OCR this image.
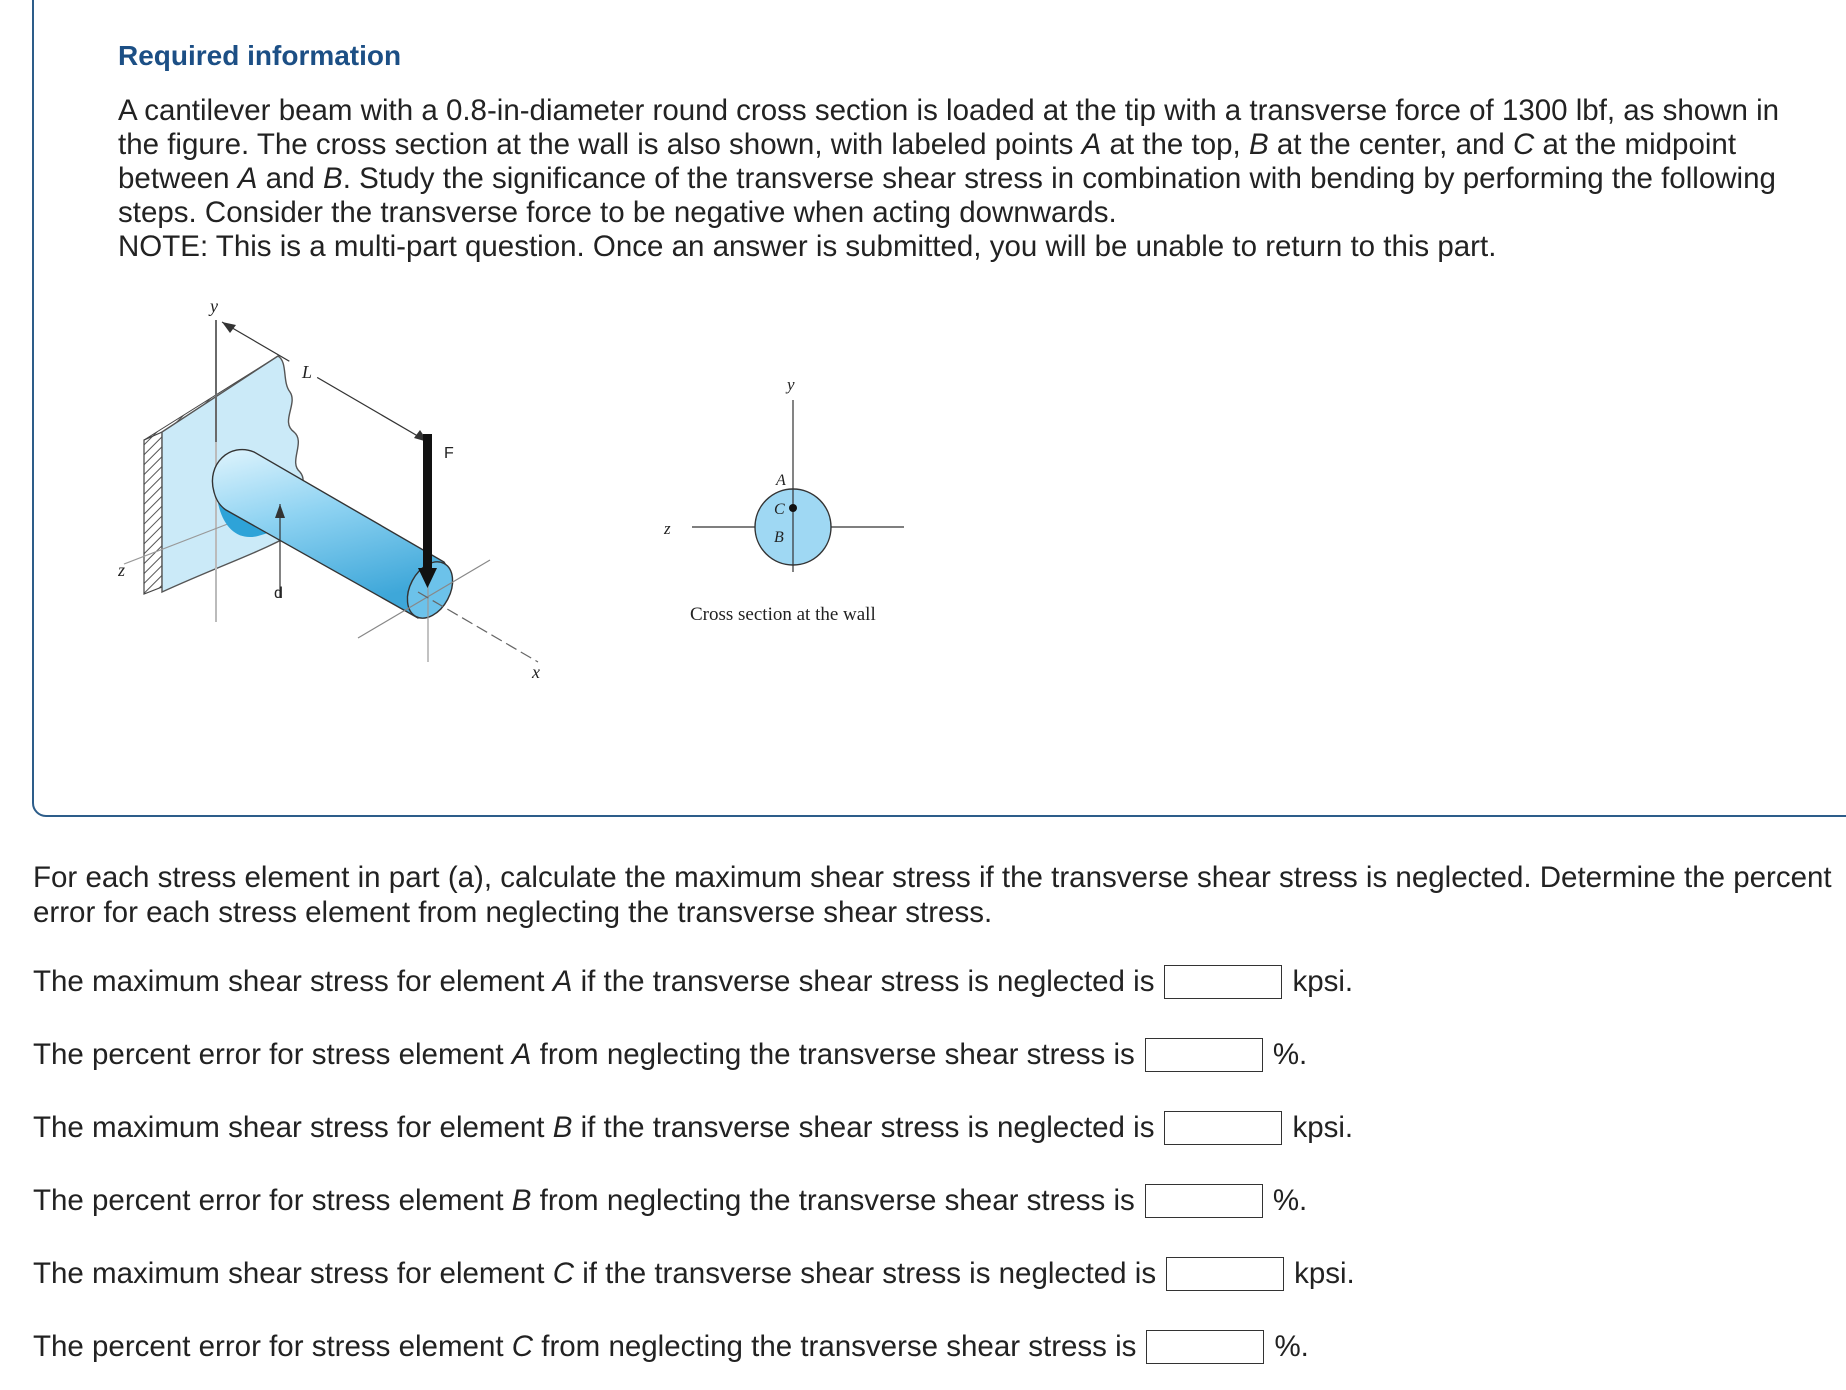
Required information

A cantilever beam with a 0.8-in-diameter round cross section is loaded at the tip with a transverse force of 1300 lbf, as shown in the figure. The cross section at the wall is also shown, with labeled points A at the top, B at the center, and C at the midpoint between A and B. Study the significance of the transverse shear stress in combination with bending by performing the following steps. Consider the transverse force to be negative when acting downwards.

NOTE: This is a multi-part question. Once an answer is submitted, you will be unable to return to this part.

y
z
x
L
F
d
y
z
A
C
B
Cross section at the wall

For each stress element in part (a), calculate the maximum shear stress if the transverse shear stress is neglected. Determine the percent error for each stress element from neglecting the transverse shear stress.

The maximum shear stress for element A if the transverse shear stress is neglected is	kpsi.
The percent error for stress element A from neglecting the transverse shear stress is	%.
The maximum shear stress for element B if the transverse shear stress is neglected is	kpsi.
The percent error for stress element B from neglecting the transverse shear stress is	%.
The maximum shear stress for element C if the transverse shear stress is neglected is	kpsi.
The percent error for stress element C from neglecting the transverse shear stress is	%.
